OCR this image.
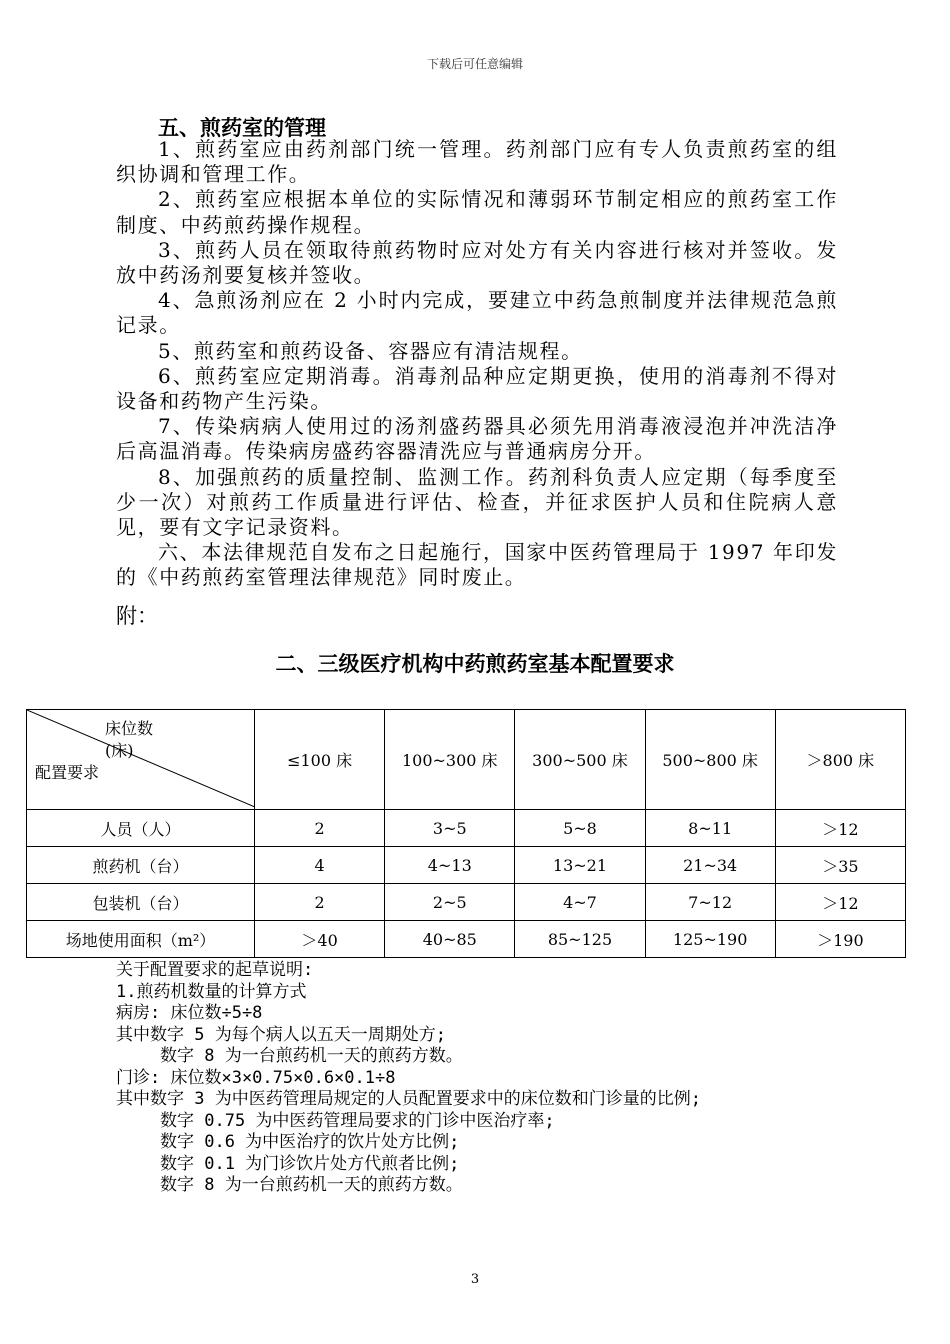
下载后可任意编辑
五、煎药室的管理

1、煎药室应由药剂部门统一管理。药剂部门应有专人负责煎药室的组织协调和管理工作。

2、煎药室应根据本单位的实际情况和薄弱环节制定相应的煎药室工作制度、中药煎药操作规程。

3、煎药人员在领取待煎药物时应对处方有关内容进行核对并签收。发放中药汤剂要复核并签收。

4、急煎汤剂应在 2 小时内完成，要建立中药急煎制度并法律规范急煎记录。

5、煎药室和煎药设备、容器应有清洁规程。

6、煎药室应定期消毒。消毒剂品种应定期更换，使用的消毒剂不得对设备和药物产生污染。

7、传染病病人使用过的汤剂盛药器具必须先用消毒液浸泡并冲洗洁净后高温消毒。传染病房盛药容器清洗应与普通病房分开。

8、加强煎药的质量控制、监测工作。药剂科负责人应定期（每季度至少一次）对煎药工作质量进行评估、检查，并征求医护人员和住院病人意见，要有文字记录资料。

六、本法律规范自发布之日起施行，国家中医药管理局于 1997 年印发的《中药煎药室管理法律规范》同时废止。

附：
二、三级医疗机构中药煎药室基本配置要求
床位数
(床)
配置要求	≤100 床	100~300 床	300~500 床	500~800 床	＞800 床
人员（人）	2	3~5	5~8	8~11	＞12
煎药机（台）	4	4~13	13~21	21~34	＞35
包装机（台）	2	2~5	4~7	7~12	＞12
场地使用面积（m²）	＞40	40~85	85~125	125~190	＞190
关于配置要求的起草说明:
1.煎药机数量的计算方式
病房: 床位数÷5÷8
其中数字 5 为每个病人以五天一周期处方;
数字 8 为一台煎药机一天的煎药方数。
门诊: 床位数×3×0.75×0.6×0.1÷8
其中数字 3 为中医药管理局规定的人员配置要求中的床位数和门诊量的比例;
数字 0.75 为中医药管理局要求的门诊中医治疗率;
数字 0.6 为中医治疗的饮片处方比例;
数字 0.1 为门诊饮片处方代煎者比例;
数字 8 为一台煎药机一天的煎药方数。
3
